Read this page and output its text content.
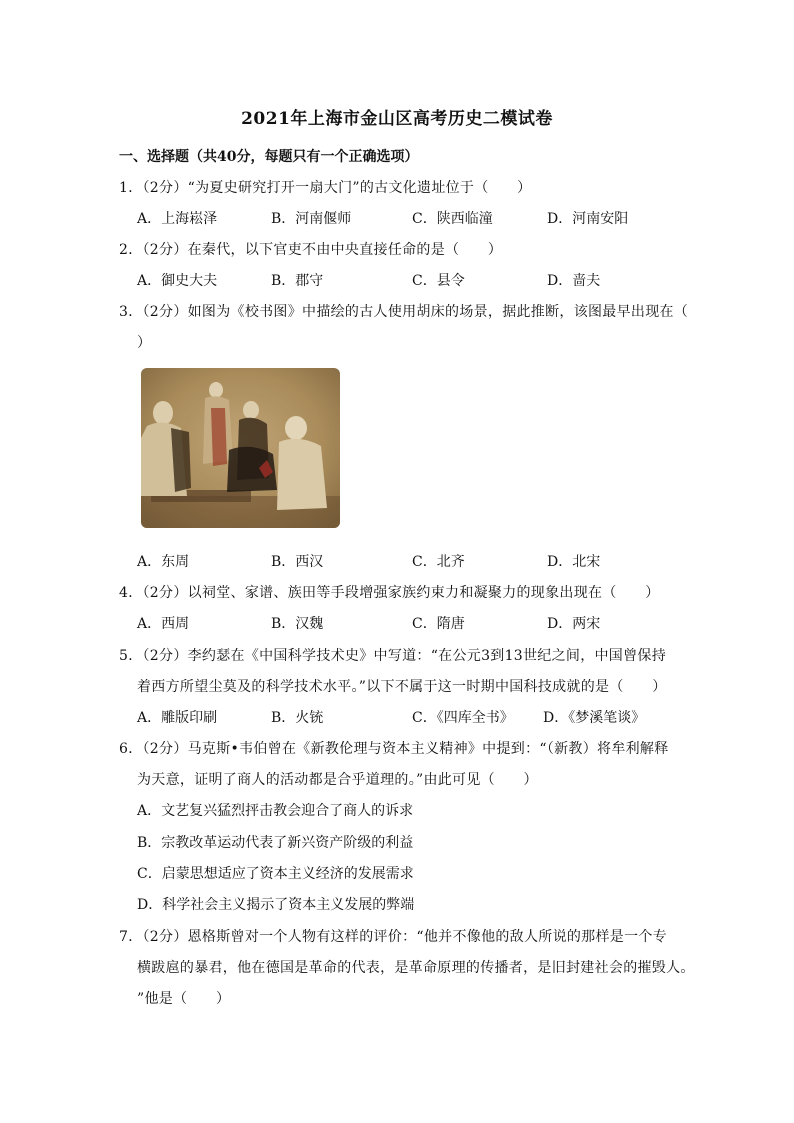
2021年上海市金山区高考历史二模试卷
一、选择题（共40分，每题只有一个正确选项）
1．（2分）“为夏史研究打开一扇大门”的古文化遗址位于（　　）
A．上海崧泽	B．河南偃师	C．陕西临潼	D．河南安阳
2．（2分）在秦代，以下官吏不由中央直接任命的是（　　）
A．御史大夫	B．郡守	C．县令	D．啬夫
3．（2分）如图为《校书图》中描绘的古人使用胡床的场景，据此推断，该图最早出现在（
）
A．东周	B．西汉	C．北齐	D．北宋
4．（2分）以祠堂、家谱、族田等手段增强家族约束力和凝聚力的现象出现在（　　）
A．西周	B．汉魏	C．隋唐	D．两宋
5．（2分）李约瑟在《中国科学技术史》中写道：“在公元3到13世纪之间，中国曾保持
着西方所望尘莫及的科学技术水平。”以下不属于这一时期中国科技成就的是（　　）
A．雕版印刷	B．火铳	C．《四库全书》 D．《梦溪笔谈》
6．（2分）马克斯•韦伯曾在《新教伦理与资本主义精神》中提到：“（新教）将牟利解释
为天意，证明了商人的活动都是合乎道理的。”由此可见（　　）
A．文艺复兴猛烈抨击教会迎合了商人的诉求
B．宗教改革运动代表了新兴资产阶级的利益
C．启蒙思想适应了资本主义经济的发展需求
D．科学社会主义揭示了资本主义发展的弊端
7．（2分）恩格斯曾对一个人物有这样的评价：“他并不像他的敌人所说的那样是一个专
横跋扈的暴君，他在德国是革命的代表，是革命原理的传播者，是旧封建社会的摧毁人。
”他是（　　）
